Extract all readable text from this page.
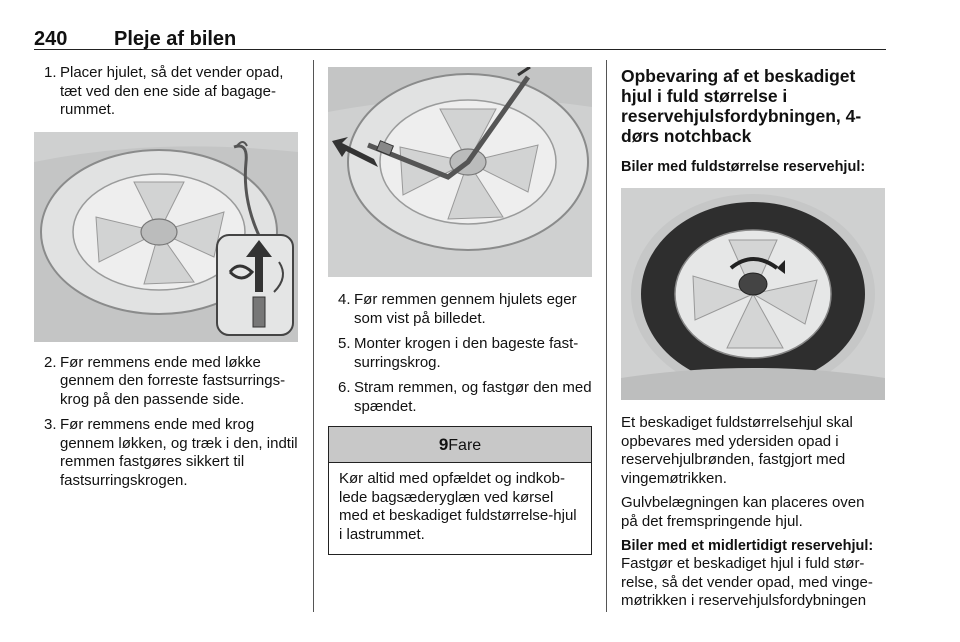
240 Pleje af bilen
1. Placer hjulet, så det vender opad, tæt ved den ene side af bagage-rummet.
2. Før remmens ende med løkke gennem den forreste fastsurrings-krog på den passende side.
3. Før remmens ende med krog gennem løkken, og træk i den, indtil remmen fastgøres sikkert til fastsurringskrogen.
4. Før remmen gennem hjulets eger som vist på billedet.
5. Monter krogen i den bageste fast-surringskrog.
6. Stram remmen, og fastgør den med spændet.
9Fare
Kør altid med opfældet og indkob-lede bagsæderyglæn ved kørsel med et beskadiget fuldstørrelse-hjul i lastrummet.
Opbevaring af et beskadiget hjul i fuld størrelse i reservehjulsfordybningen, 4-dørs notchback
Biler med fuldstørrelse reservehjul:
Et beskadiget fuldstørrelsehjul skal opbevares med ydersiden opad i reservehjulbrønden, fastgjort med vingemøtrikken.
Gulvbelægningen kan placeres oven på det fremspringende hjul.
Biler med et midlertidigt reservehjul:
Fastgør et beskadiget hjul i fuld stør-relse, så det vender opad, med vinge-møtrikken i reservehjulsfordybningen
